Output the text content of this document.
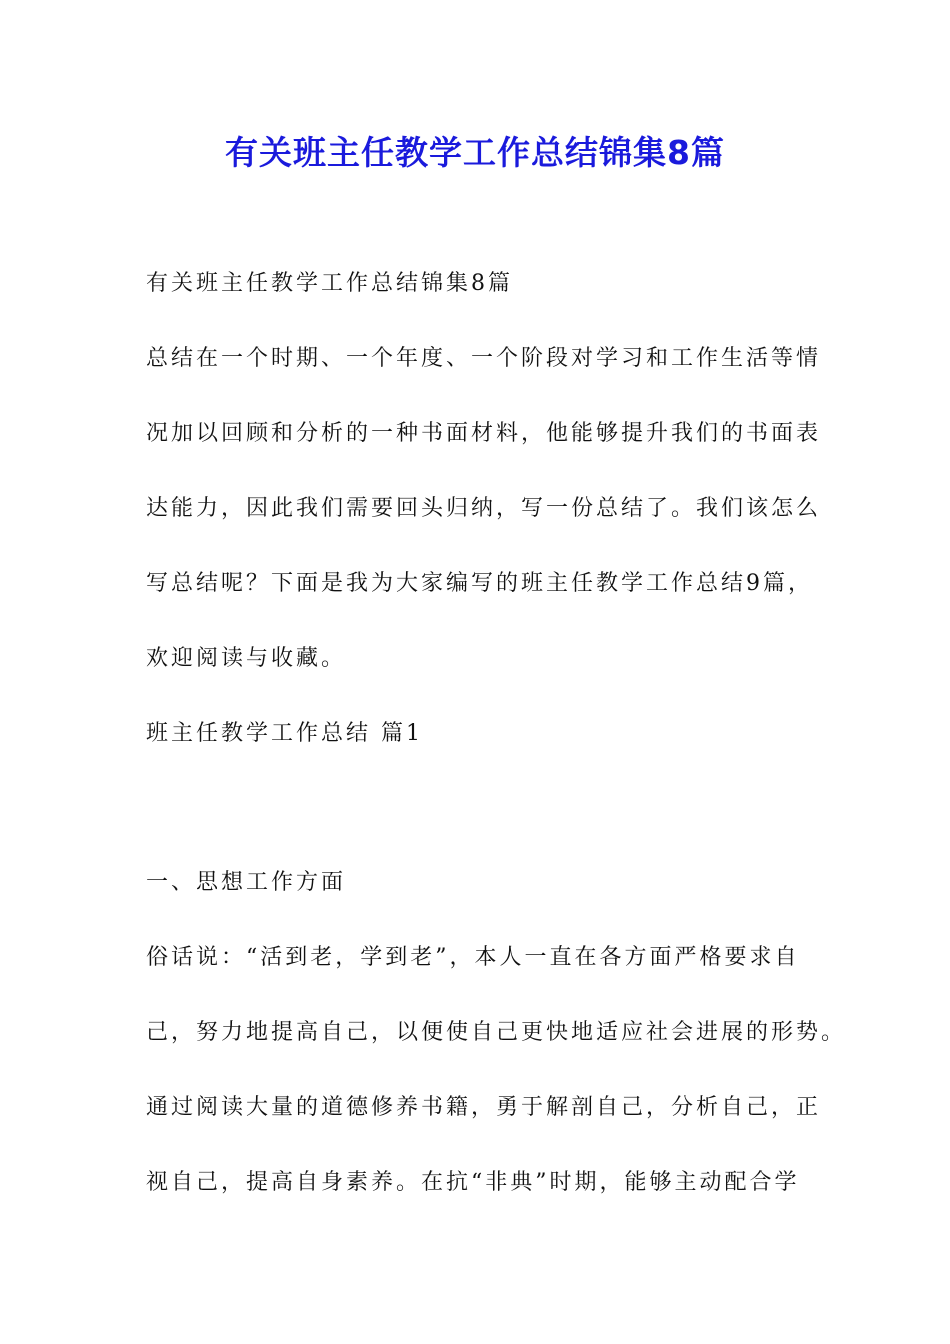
有关班主任教学工作总结锦集8篇

有关班主任教学工作总结锦集8篇

总结在一个时期、一个年度、一个阶段对学习和工作生活等情

况加以回顾和分析的一种书面材料，他能够提升我们的书面表

达能力，因此我们需要回头归纳，写一份总结了。我们该怎么

写总结呢？下面是我为大家编写的班主任教学工作总结9篇，

欢迎阅读与收藏。

班主任教学工作总结 篇1

一、思想工作方面

俗话说：“活到老，学到老”，本人一直在各方面严格要求自

己，努力地提高自己，以便使自己更快地适应社会进展的形势。

通过阅读大量的道德修养书籍，勇于解剖自己，分析自己，正

视自己，提高自身素养。在抗“非典”时期，能够主动配合学
